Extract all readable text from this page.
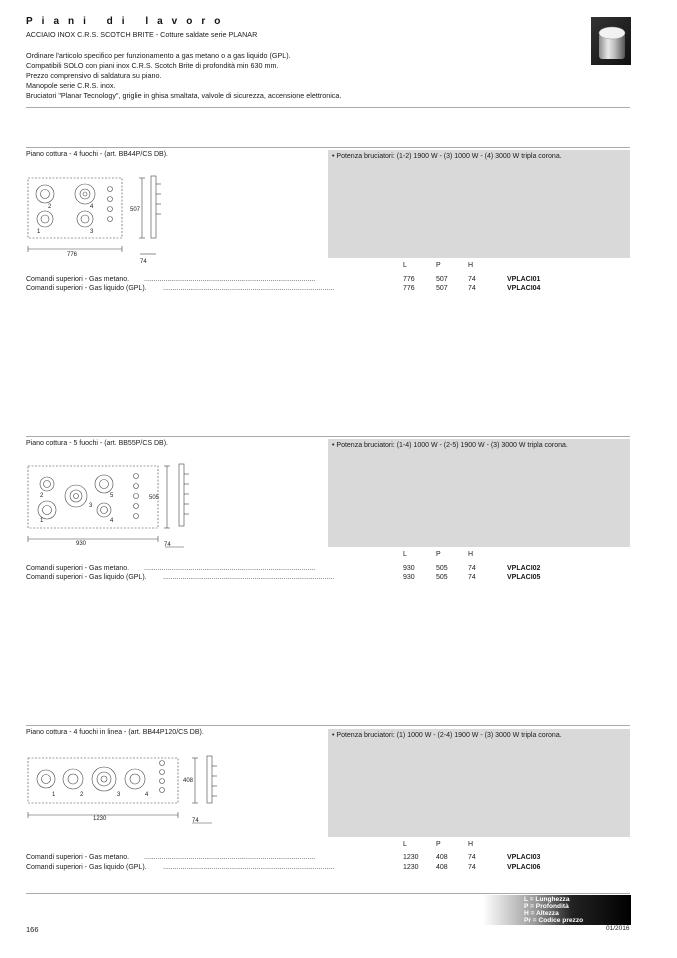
Piani di lavoro
ACCIAIO INOX C.R.S. SCOTCH BRITE - Cotture saldate serie PLANAR
Ordinare l'articolo specifico per funzionamento a gas metano o a gas liquido (GPL).
Compatibili SOLO con piani inox C.R.S. Scotch Brite di profondità min 630 mm.
Prezzo comprensivo di saldatura su piano.
Manopole serie C.R.S. inox.
Bruciatori "Planar Tecnology", griglie in ghisa smaltata, valvole di sicurezza, accensione elettronica.
Piano cottura - 4 fuochi - (art. BB44P/CS DB).	• Potenza bruciatori: (1-2) 1900 W - (3) 1000 W - (4) 3000 W tripla corona.
2	4
1	3
776
507
74	L	P	H
Comandi superiori - Gas metano. ........................................................................................	776	507	74	VPLACI01
Comandi superiori - Gas liquido (GPL). ........................................................................................	776	507	74	VPLACI04
Piano cottura - 5 fuochi - (art. BB55P/CS DB).	• Potenza bruciatori: (1-4) 1000 W - (2-5) 1900 W - (3) 3000 W tripla corona.
2	5
3
1	4
930
505
74
L	P	H
Comandi superiori - Gas metano. ........................................................................................	930	505	74	VPLACI02
Comandi superiori - Gas liquido (GPL). ........................................................................................	930	505	74	VPLACI05
Piano cottura - 4 fuochi in linea - (art. BB44P120/CS DB).	• Potenza bruciatori: (1) 1000 W - (2-4) 1900 W - (3) 3000 W tripla corona.
1	2	3	4
1230
408
74
L	P	H
Comandi superiori - Gas metano. ........................................................................................	1230 408	74	VPLACI03
Comandi superiori - Gas liquido (GPL). ........................................................................................	1230 408	74	VPLACI06
L = Lunghezza
P = Profondità
H = Altezza
Pr = Codice prezzo
166	01/2016
